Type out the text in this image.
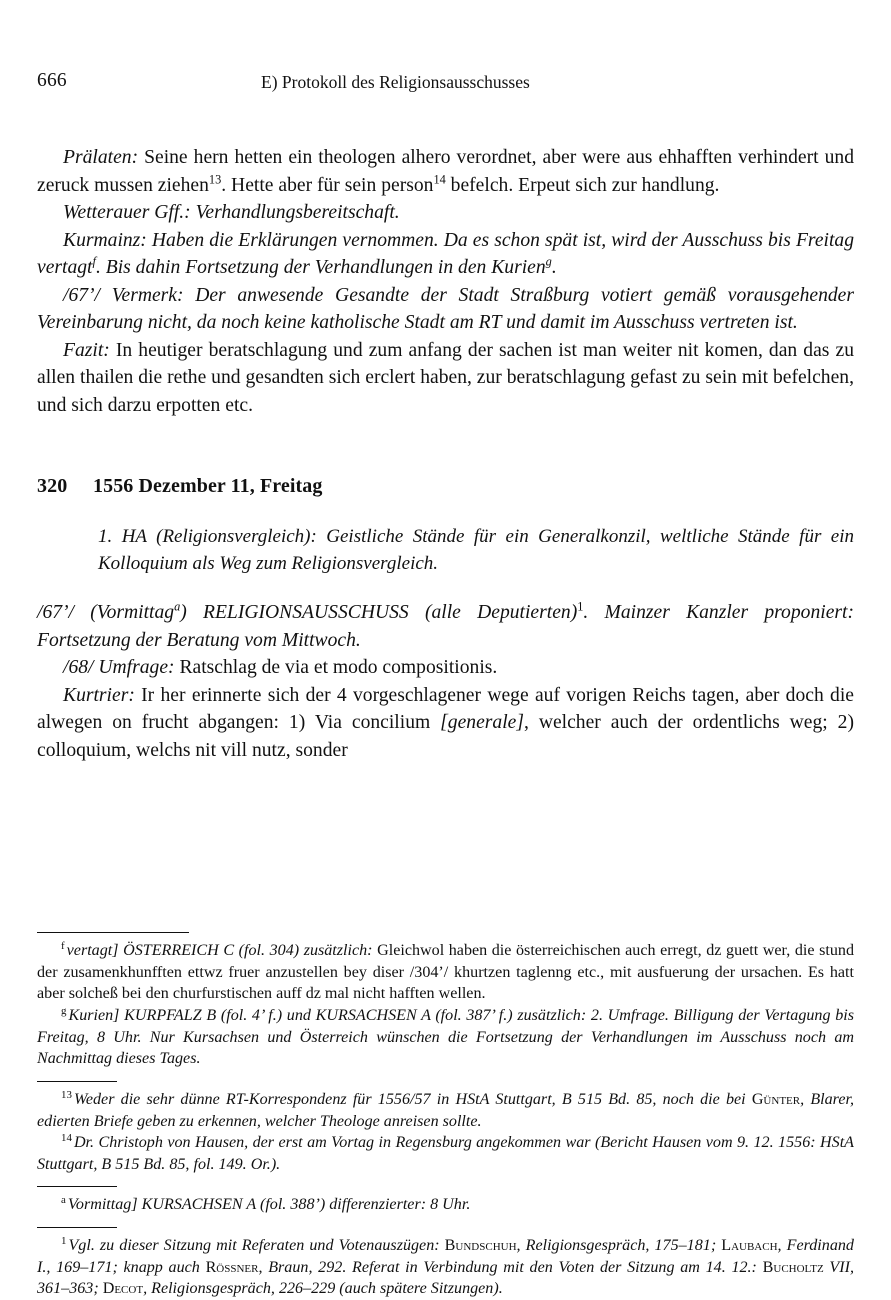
666	E) Protokoll des Religionsausschusses

Prälaten: Seine hern hetten ein theologen alhero verordnet, aber were aus ehhafften verhindert und zeruck mussen ziehen$^{13}$. Hette aber für sein person$^{14}$ befelch. Erpeut sich zur handlung.

Wetterauer Gff.: Verhandlungsbereitschaft.

Kurmainz: Haben die Erklärungen vernommen. Da es schon spät ist, wird der Ausschuss bis Freitag vertagt$^f$. Bis dahin Fortsetzung der Verhandlungen in den Kurien$^g$.

/67’/ Vermerk: Der anwesende Gesandte der Stadt Straßburg votiert gemäß vorausgehender Vereinbarung nicht, da noch keine katholische Stadt am RT und damit im Ausschuss vertreten ist.

Fazit: In heutiger beratschlagung und zum anfang der sachen ist man weiter nit komen, dan das zu allen thailen die rethe und gesandten sich erclert haben, zur beratschlagung gefast zu sein mit befelchen, und sich darzu erpotten etc.

320 1556 Dezember 11, Freitag
1. HA (Religionsvergleich): Geistliche Stände für ein Generalkonzil, weltliche Stände für ein Kolloquium als Weg zum Religionsvergleich.

/67’/ (Vormittag$^a$) RELIGIONSAUSSCHUSS (alle Deputierten)$^1$. Mainzer Kanzler proponiert: Fortsetzung der Beratung vom Mittwoch.

/68/ Umfrage: Ratschlag de via et modo compositionis.

Kurtrier: Ir her erinnerte sich der 4 vorgeschlagener wege auf vorigen Reichs tagen, aber doch die alwegen on frucht abgangen: 1) Via concilium [generale], welcher auch der ordentlichs weg; 2) colloquium, welchs nit vill nutz, sonder

$^f$ vertagt] ÖSTERREICH C (fol. 304) zusätzlich: Gleichwol haben die österreichischen auch erregt, dz guett wer, die stund der zusamenkhunfften ettwz fruer anzustellen bey diser /304’/ khurtzen taglenng etc., mit ausfuerung der ursachen. Es hatt aber solcheß bei den churfurstischen auff dz mal nicht hafften wellen.

$^g$ Kurien] KURPFALZ B (fol. 4’ f.) und KURSACHSEN A (fol. 387’ f.) zusätzlich: 2. Umfrage. Billigung der Vertagung bis Freitag, 8 Uhr. Nur Kursachsen und Österreich wünschen die Fortsetzung der Verhandlungen im Ausschuss noch am Nachmittag dieses Tages.

$^{13}$ Weder die sehr dünne RT-Korrespondenz für 1556/57 in HStA Stuttgart, B 515 Bd. 85, noch die bei Günter, Blarer, edierten Briefe geben zu erkennen, welcher Theologe anreisen sollte.

$^{14}$ Dr. Christoph von Hausen, der erst am Vortag in Regensburg angekommen war (Bericht Hausen vom 9. 12. 1556: HStA Stuttgart, B 515 Bd. 85, fol. 149. Or.).

$^a$ Vormittag] KURSACHSEN A (fol. 388’) differenzierter: 8 Uhr.

$^1$ Vgl. zu dieser Sitzung mit Referaten und Votenauszügen: Bundschuh, Religionsgespräch, 175–181; Laubach, Ferdinand I., 169–171; knapp auch Rössner, Braun, 292. Referat in Verbindung mit den Voten der Sitzung am 14. 12.: Bucholtz VII, 361–363; Decot, Religionsgespräch, 226–229 (auch spätere Sitzungen).
